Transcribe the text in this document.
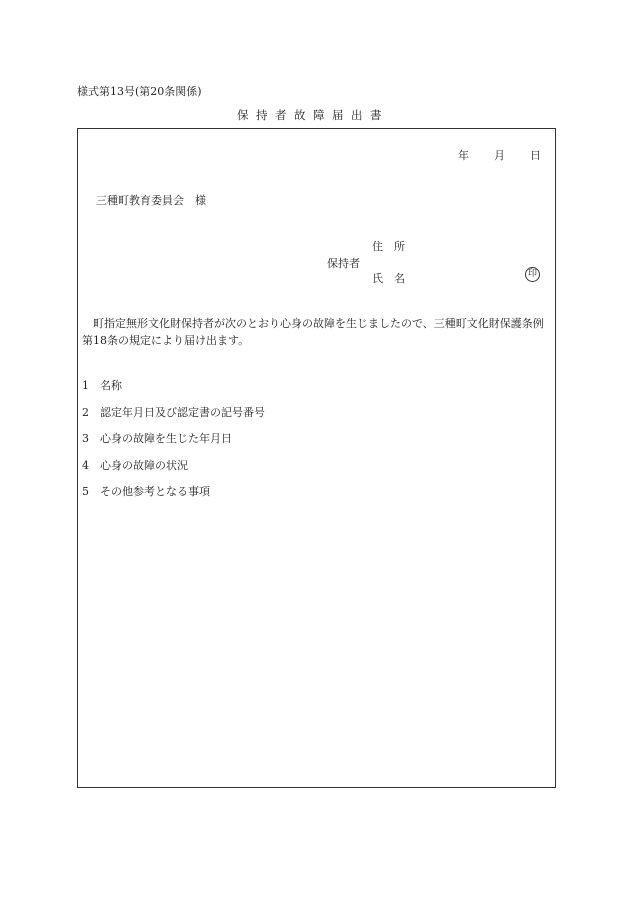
様式第13号(第20条関係)
保持者故障届出書
年 月 日
三種町教育委員会　様
住所
保持者
氏名	印
町指定無形文化財保持者が次のとおり心身の故障を生じましたので、三種町文化財保護条例第18条の規定により届け出ます。
1 名称
2 認定年月日及び認定書の記号番号
3 心身の故障を生じた年月日
4 心身の故障の状況
5 その他参考となる事項
